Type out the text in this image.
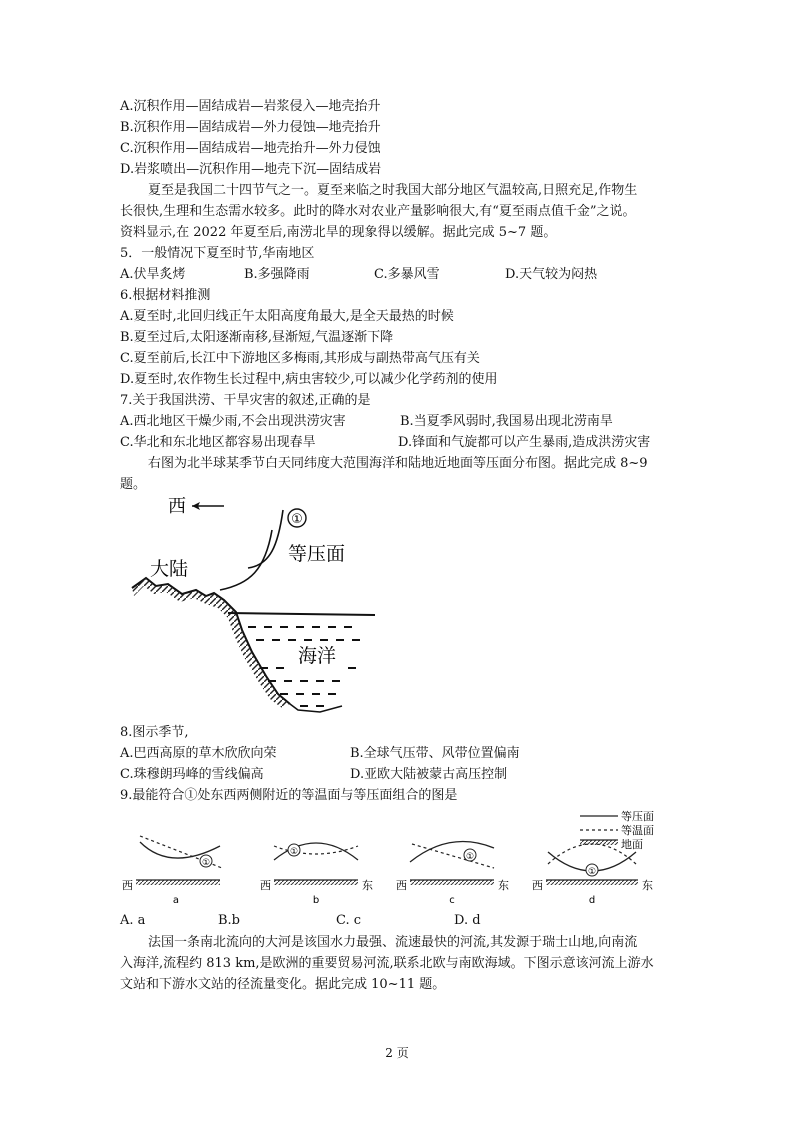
A.沉积作用—固结成岩—岩浆侵入—地壳抬升
B.沉积作用—固结成岩—外力侵蚀—地壳抬升
C.沉积作用—固结成岩—地壳抬升—外力侵蚀
D.岩浆喷出—沉积作用—地壳下沉—固结成岩
夏至是我国二十四节气之一。夏至来临之时我国大部分地区气温较高,日照充足,作物生
长很快,生理和生态需水较多。此时的降水对农业产量影响很大,有“夏至雨点值千金”之说。
资料显示,在 2022 年夏至后,南涝北旱的现象得以缓解。据此完成 5~7 题。
5．一般情况下夏至时节,华南地区
A.伏旱炙烤	B.多强降雨	C.多暴风雪	D.天气较为闷热
6.根据材料推测
A.夏至时,北回归线正午太阳高度角最大,是全天最热的时候
B.夏至过后,太阳逐渐南移,昼渐短,气温逐渐下降
C.夏至前后,长江中下游地区多梅雨,其形成与副热带高气压有关
D.夏至时,农作物生长过程中,病虫害较少,可以减少化学药剂的使用
7.关于我国洪涝、干旱灾害的叙述,正确的是
A.西北地区干燥少雨,不会出现洪涝灾害	B.当夏季风弱时,我国易出现北涝南旱
C.华北和东北地区都容易出现春旱	D.锋面和气旋都可以产生暴雨,造成洪涝灾害
右图为北半球某季节白天同纬度大范围海洋和陆地近地面等压面分布图。据此完成 8~9
题。
西
①
等压面
大陆
海洋
8.图示季节,
A.巴西高原的草木欣欣向荣	B.全球气压带、风带位置偏南
C.珠穆朗玛峰的雪线偏高	D.亚欧大陆被蒙古高压控制
9.最能符合①处东西两侧附近的等温面与等压面组合的图是
等压面
等温面
地面
西
①
a
西	东
①
b
西	东
①
c
西	东
①
d
A. a	B.b	C. c	D. d
法国一条南北流向的大河是该国水力最强、流速最快的河流,其发源于瑞士山地,向南流
入海洋,流程约 813 km,是欧洲的重要贸易河流,联系北欧与南欧海域。下图示意该河流上游水
文站和下游水文站的径流量变化。据此完成 10~11 题。
2 页
